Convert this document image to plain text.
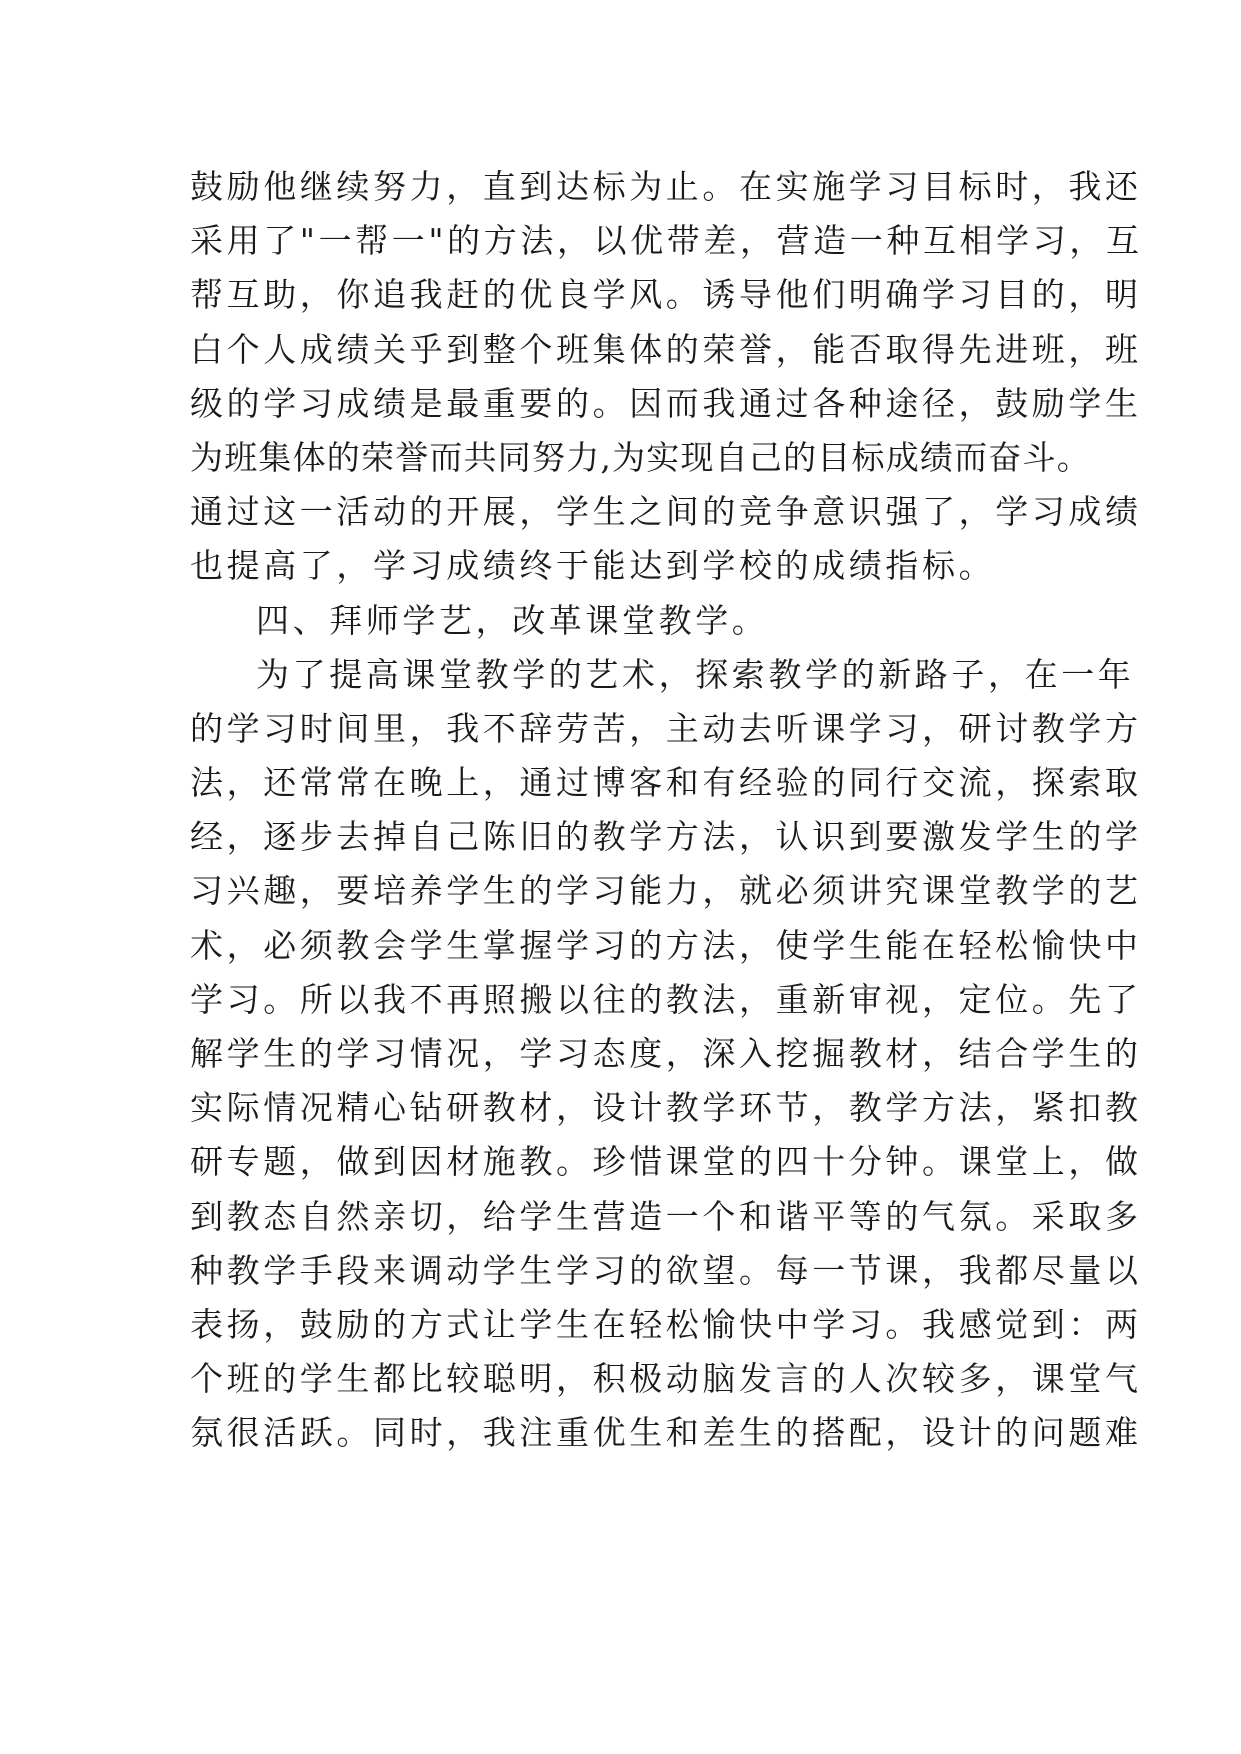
鼓励他继续努力，直到达标为止。在实施学习目标时，我还
采用了"一帮一"的方法，以优带差，营造一种互相学习，互
帮互助，你追我赶的优良学风。诱导他们明确学习目的，明
白个人成绩关乎到整个班集体的荣誉，能否取得先进班，班
级的学习成绩是最重要的。因而我通过各种途径，鼓励学生
为班集体的荣誉而共同努力,为实现自己的目标成绩而奋斗。
通过这一活动的开展，学生之间的竞争意识强了，学习成绩
也提高了，学习成绩终于能达到学校的成绩指标。
四、拜师学艺，改革课堂教学。
为了提高课堂教学的艺术，探索教学的新路子，在一年
的学习时间里，我不辞劳苦，主动去听课学习，研讨教学方
法，还常常在晚上，通过博客和有经验的同行交流，探索取
经，逐步去掉自己陈旧的教学方法，认识到要激发学生的学
习兴趣，要培养学生的学习能力，就必须讲究课堂教学的艺
术，必须教会学生掌握学习的方法，使学生能在轻松愉快中
学习。所以我不再照搬以往的教法，重新审视，定位。先了
解学生的学习情况，学习态度，深入挖掘教材，结合学生的
实际情况精心钻研教材，设计教学环节，教学方法，紧扣教
研专题，做到因材施教。珍惜课堂的四十分钟。课堂上，做
到教态自然亲切，给学生营造一个和谐平等的气氛。采取多
种教学手段来调动学生学习的欲望。每一节课，我都尽量以
表扬，鼓励的方式让学生在轻松愉快中学习。我感觉到：两
个班的学生都比较聪明，积极动脑发言的人次较多，课堂气
氛很活跃。同时，我注重优生和差生的搭配，设计的问题难
